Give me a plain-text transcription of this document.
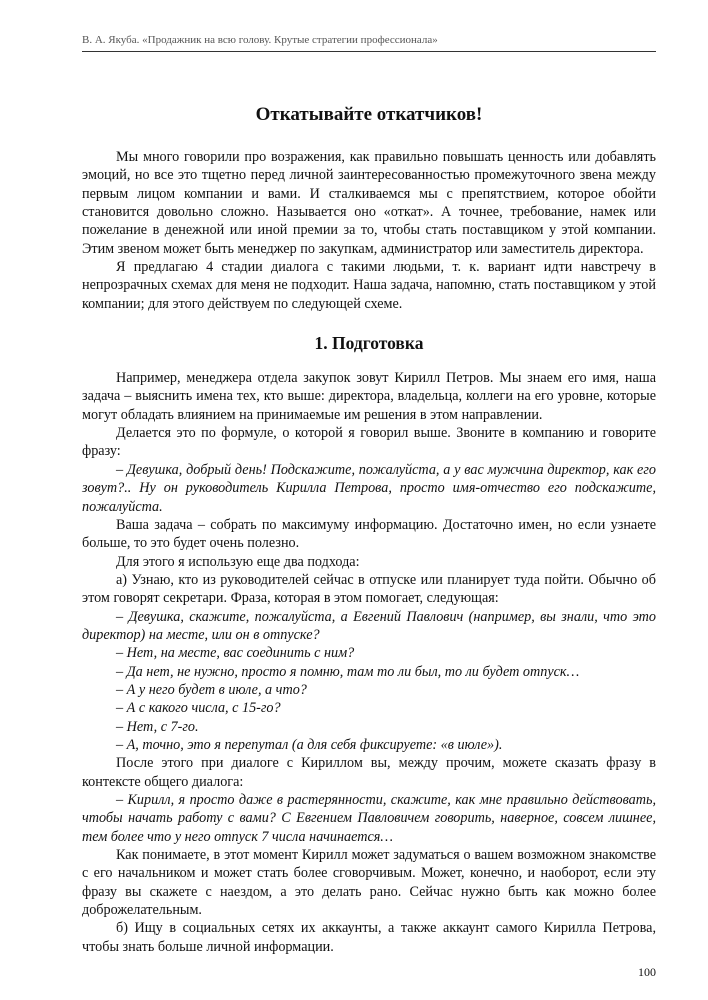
В. А. Якуба. «Продажник на всю голову. Крутые стратегии профессионала»
Откатывайте откатчиков!

Мы много говорили про возражения, как правильно повышать ценность или добавлять эмоций, но все это тщетно перед личной заинтересованностью промежуточного звена между первым лицом компании и вами. И сталкиваемся мы с препятствием, которое обойти становится довольно сложно. Называется оно «откат». А точнее, требование, намек или пожелание в денежной или иной премии за то, чтобы стать поставщиком у этой компании. Этим звеном может быть менеджер по закупкам, администратор или заместитель директора.

Я предлагаю 4 стадии диалога с такими людьми, т. к. вариант идти навстречу в непрозрачных схемах для меня не подходит. Наша задача, напомню, стать поставщиком у этой компании; для этого действуем по следующей схеме.

1. Подготовка

Например, менеджера отдела закупок зовут Кирилл Петров. Мы знаем его имя, наша задача – выяснить имена тех, кто выше: директора, владельца, коллеги на его уровне, которые могут обладать влиянием на принимаемые им решения в этом направлении.

Делается это по формуле, о которой я говорил выше. Звоните в компанию и говорите фразу:

– Девушка, добрый день! Подскажите, пожалуйста, а у вас мужчина директор, как его зовут?.. Ну он руководитель Кирилла Петрова, просто имя-отчество его подскажите, пожалуйста.

Ваша задача – собрать по максимуму информацию. Достаточно имен, но если узнаете больше, то это будет очень полезно.

Для этого я использую еще два подхода:

а) Узнаю, кто из руководителей сейчас в отпуске или планирует туда пойти. Обычно об этом говорят секретари. Фраза, которая в этом помогает, следующая:

– Девушка, скажите, пожалуйста, а Евгений Павлович (например, вы знали, что это директор) на месте, или он в отпуске?

– Нет, на месте, вас соединить с ним?

– Да нет, не нужно, просто я помню, там то ли был, то ли будет отпуск…

– А у него будет в июле, а что?

– А с какого числа, с 15-го?

– Нет, с 7-го.

– А, точно, это я перепутал (а для себя фиксируете: «в июле»).

После этого при диалоге с Кириллом вы, между прочим, можете сказать фразу в контексте общего диалога:

– Кирилл, я просто даже в растерянности, скажите, как мне правильно действовать, чтобы начать работу с вами? С Евгением Павловичем говорить, наверное, совсем лишнее, тем более что у него отпуск 7 числа начинается…

Как понимаете, в этот момент Кирилл может задуматься о вашем возможном знакомстве с его начальником и может стать более сговорчивым. Может, конечно, и наоборот, если эту фразу вы скажете с наездом, а это делать рано. Сейчас нужно быть как можно более доброжелательным.

б) Ищу в социальных сетях их аккаунты, а также аккаунт самого Кирилла Петрова, чтобы знать больше личной информации.

100
